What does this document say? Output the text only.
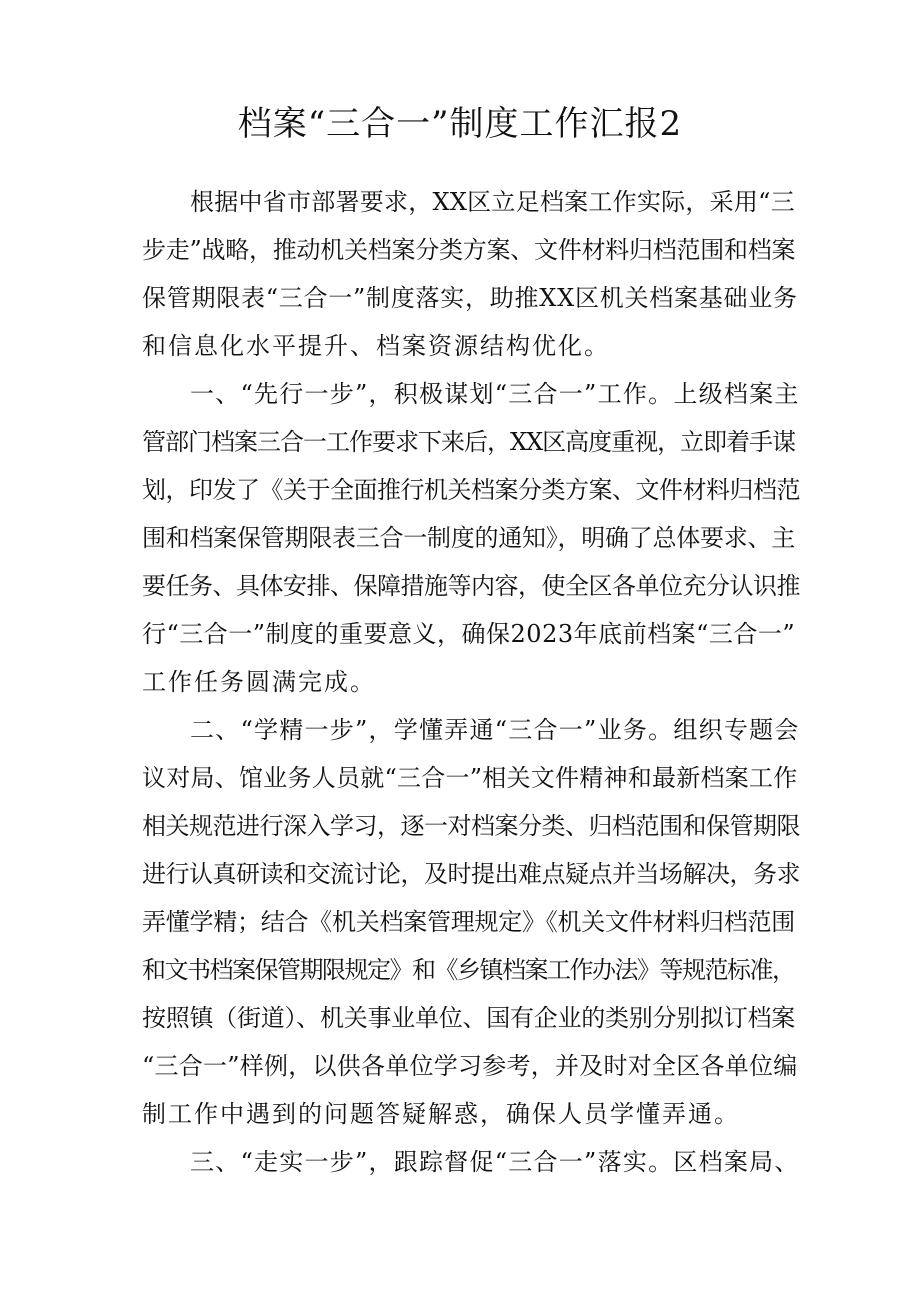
档案“三合一”制度工作汇报2
根据中省市部署要求，XX区立足档案工作实际，采用“三
步走”战略，推动机关档案分类方案、文件材料归档范围和档案
保管期限表“三合一”制度落实，助推XX区机关档案基础业务
和信息化水平提升、档案资源结构优化。
一、“先行一步”，积极谋划“三合一”工作。上级档案主
管部门档案三合一工作要求下来后，XX区高度重视，立即着手谋
划，印发了《关于全面推行机关档案分类方案、文件材料归档范
围和档案保管期限表三合一制度的通知》，明确了总体要求、主
要任务、具体安排、保障措施等内容，使全区各单位充分认识推
行“三合一”制度的重要意义，确保2023年底前档案“三合一”
工作任务圆满完成。
二、“学精一步”，学懂弄通“三合一”业务。组织专题会
议对局、馆业务人员就“三合一”相关文件精神和最新档案工作
相关规范进行深入学习，逐一对档案分类、归档范围和保管期限
进行认真研读和交流讨论，及时提出难点疑点并当场解决，务求
弄懂学精；结合《机关档案管理规定》《机关文件材料归档范围
和文书档案保管期限规定》和《乡镇档案工作办法》等规范标准，
按照镇（街道）、机关事业单位、国有企业的类别分别拟订档案
“三合一”样例，以供各单位学习参考，并及时对全区各单位编
制工作中遇到的问题答疑解惑，确保人员学懂弄通。
三、“走实一步”，跟踪督促“三合一”落实。区档案局、
